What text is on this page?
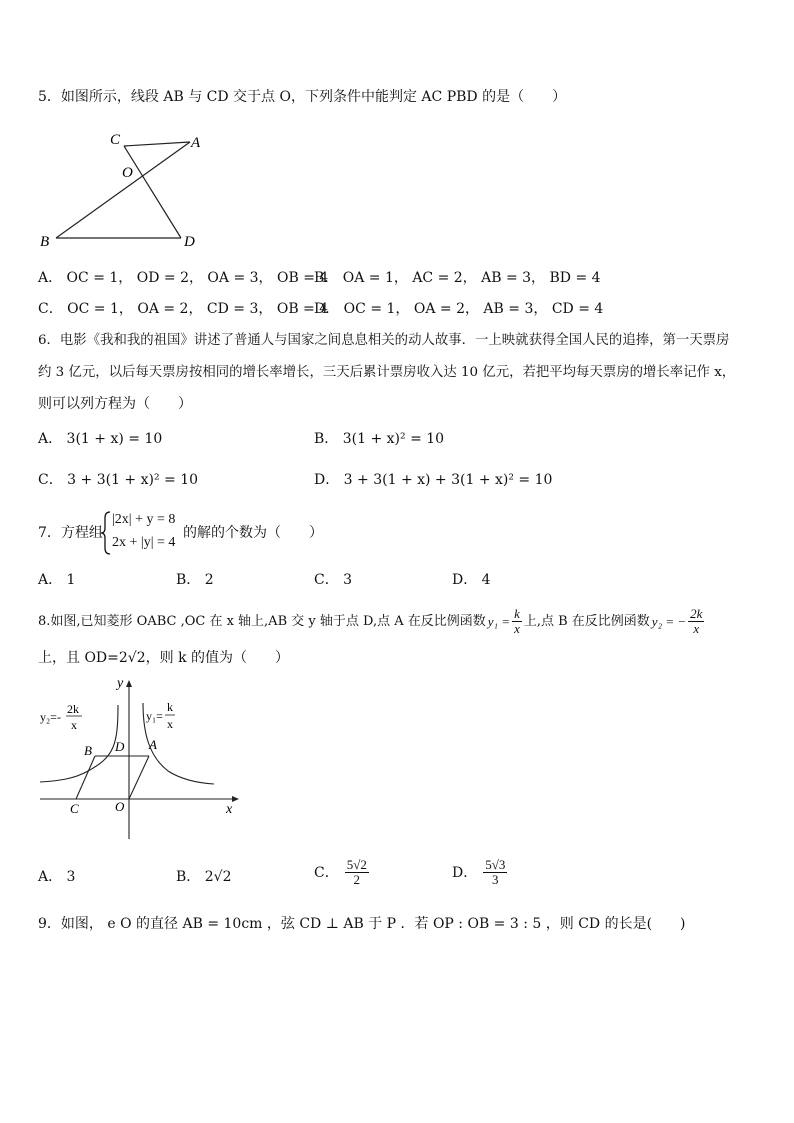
5．如图所示，线段 AB 与 CD 交于点 O，下列条件中能判定 AC PBD 的是（　　）
C	A
O
B	D
A． OC = 1， OD = 2， OA = 3， OB = 4
B． OA = 1， AC = 2， AB = 3， BD = 4
C． OC = 1， OA = 2， CD = 3， OB = 4
D． OC = 1， OA = 2， AB = 3， CD = 4
6．电影《我和我的祖国》讲述了普通人与国家之间息息相关的动人故事．一上映就获得全国人民的追捧，第一天票房
约 3 亿元，以后每天票房按相同的增长率增长，三天后累计票房收入达 10 亿元，若把平均每天票房的增长率记作 x，
则可以列方程为（　　）
A． 3(1 + x) = 10	B． 3(1 + x)² = 10
C． 3 + 3(1 + x)² = 10	D． 3 + 3(1 + x) + 3(1 + x)² = 10
7．方程组
|2x| + y = 8
2x + |y| = 4
的解的个数为（　　）
A． 1	B． 2	C． 3	D． 4
8.如图,已知菱形 OABC ,OC 在 x 轴上,AB 交 y 轴于点 D,点 A 在反比例函数 $y_1 = \frac{k}{x}$ 上,点 B 在反比例函数 y₂ = − $\frac{2k}{x}$
上，且 OD=2√2，则 k 的值为（　　）
y
x
y₂=-
2k
x
y₁=
k
x
B D A
C	O
A． 3	B． 2√2	C． $\frac{5√2}{2}$	D． $\frac{5√3}{3}$
9．如图， e O 的直径 AB = 10cm ，弦 CD ⊥ AB 于 P ．若 OP : OB = 3 : 5 ，则 CD 的长是(　　)
